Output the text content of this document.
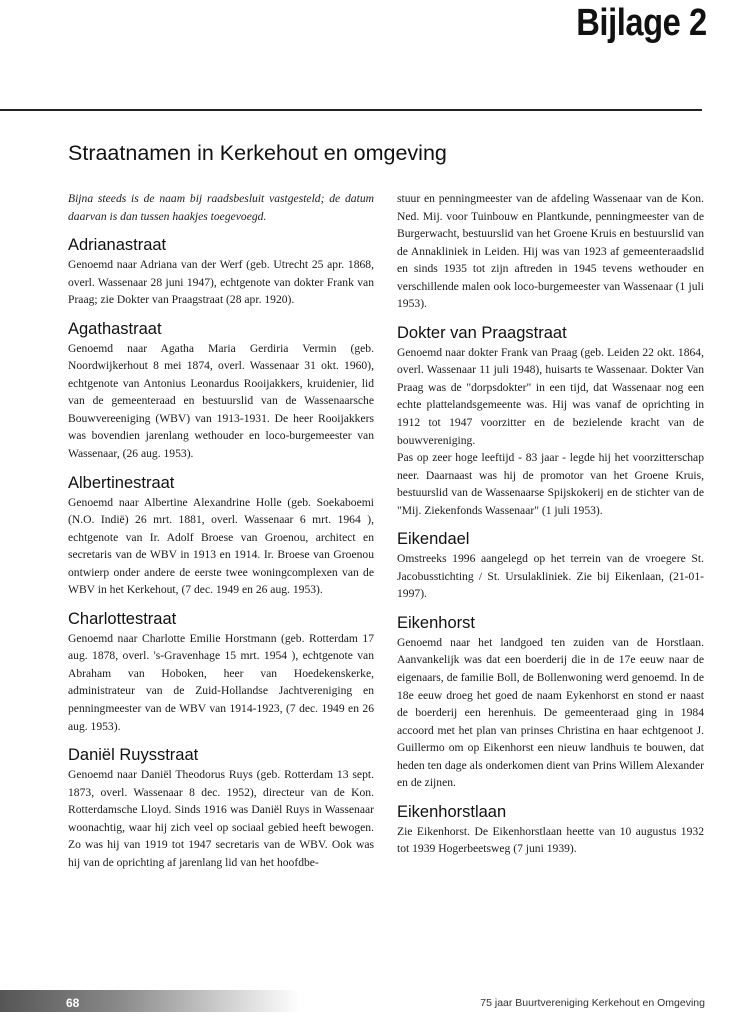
Bijlage 2
Straatnamen in Kerkehout en omgeving

Bijna steeds is de naam bij raadsbesluit vastgesteld; de datum daarvan is dan tussen haakjes toegevoegd.

Adrianastraat

Genoemd naar Adriana van der Werf (geb. Utrecht 25 apr. 1868, overl. Wassenaar 28 juni 1947), echtgenote van dokter Frank van Praag; zie Dokter van Praagstraat (28 apr. 1920).

Agathastraat

Genoemd naar Agatha Maria Gerdiria Vermin (geb. Noordwijkerhout 8 mei 1874, overl. Wassenaar 31 okt. 1960), echtgenote van Antonius Leonardus Rooijakkers, kruidenier, lid van de gemeenteraad en bestuurslid van de Wassenaarsche Bouwvereeniging (WBV) van 1913-1931. De heer Rooijakkers was bovendien jarenlang wethouder en loco-burgemeester van Wassenaar, (26 aug. 1953).

Albertinestraat

Genoemd naar Albertine Alexandrine Holle (geb. Soekaboemi (N.O. Indië) 26 mrt. 1881, overl. Wassenaar 6 mrt. 1964 ), echtgenote van Ir. Adolf Broese van Groenou, architect en secretaris van de WBV in 1913 en 1914. Ir. Broese van Groenou ontwierp onder andere de eerste twee woningcomplexen van de WBV in het Kerkehout, (7 dec. 1949 en 26 aug. 1953).

Charlottestraat

Genoemd naar Charlotte Emilie Horstmann (geb. Rotterdam 17 aug. 1878, overl. 's-Gravenhage 15 mrt. 1954 ), echtgenote van Abraham van Hoboken, heer van Hoedekenskerke, administrateur van de Zuid-Hollandse Jachtvereniging en penningmeester van de WBV van 1914-1923, (7 dec. 1949 en 26 aug. 1953).

Daniël Ruysstraat

Genoemd naar Daniël Theodorus Ruys (geb. Rotterdam 13 sept. 1873, overl. Wassenaar 8 dec. 1952), directeur van de Kon. Rotterdamsche Lloyd. Sinds 1916 was Daniël Ruys in Wassenaar woonachtig, waar hij zich veel op sociaal gebied heeft bewogen. Zo was hij van 1919 tot 1947 secretaris van de WBV. Ook was hij van de oprichting af jarenlang lid van het hoofdbe-

stuur en penningmeester van de afdeling Wassenaar van de Kon. Ned. Mij. voor Tuinbouw en Plantkunde, penningmeester van de Burgerwacht, bestuurslid van het Groene Kruis en bestuurslid van de Annakliniek in Leiden. Hij was van 1923 af gemeenteraadslid en sinds 1935 tot zijn aftreden in 1945 tevens wethouder en verschillende malen ook loco-burgemeester van Wassenaar (1 juli 1953).

Dokter van Praagstraat

Genoemd naar dokter Frank van Praag (geb. Leiden 22 okt. 1864, overl. Wassenaar 11 juli 1948), huisarts te Wassenaar. Dokter Van Praag was de "dorpsdokter" in een tijd, dat Wassenaar nog een echte plattelandsgemeente was. Hij was vanaf de oprichting in 1912 tot 1947 voorzitter en de bezielende kracht van de bouwvereniging.

Pas op zeer hoge leeftijd - 83 jaar - legde hij het voorzitterschap neer. Daarnaast was hij de promotor van het Groene Kruis, bestuurslid van de Wassenaarse Spijskokerij en de stichter van de "Mij. Ziekenfonds Wassenaar" (1 juli 1953).

Eikendael

Omstreeks 1996 aangelegd op het terrein van de vroegere St. Jacobusstichting / St. Ursulakliniek. Zie bij Eikenlaan, (21-01-1997).

Eikenhorst

Genoemd naar het landgoed ten zuiden van de Horstlaan. Aanvankelijk was dat een boerderij die in de 17e eeuw naar de eigenaars, de familie Boll, de Bollenwoning werd genoemd. In de 18e eeuw droeg het goed de naam Eykenhorst en stond er naast de boerderij een herenhuis. De gemeenteraad ging in 1984 accoord met het plan van prinses Christina en haar echtgenoot J. Guillermo om op Eikenhorst een nieuw landhuis te bouwen, dat heden ten dage als onderkomen dient van Prins Willem Alexander en de zijnen.

Eikenhorstlaan

Zie Eikenhorst. De Eikenhorstlaan heette van 10 augustus 1932 tot 1939 Hogerbeetsweg (7 juni 1939).

68	75 jaar Buurtvereniging Kerkehout en Omgeving
